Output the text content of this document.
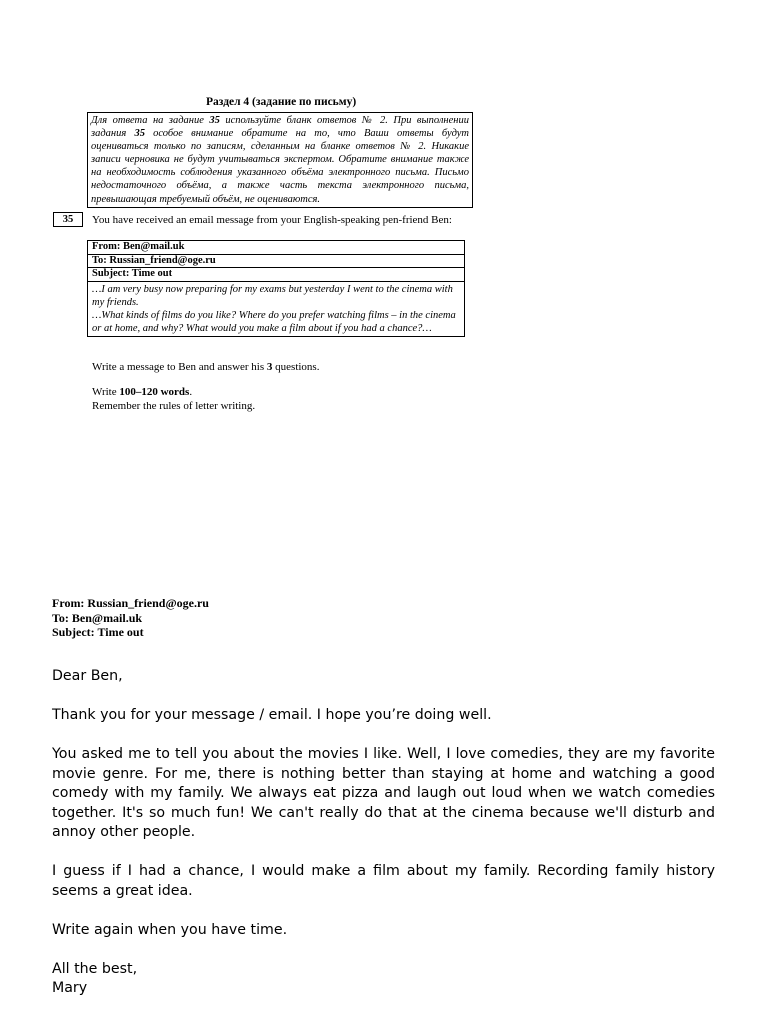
Раздел 4 (задание по письму)
Для ответа на задание 35 используйте бланк ответов № 2. При выполнении задания 35 особое внимание обратите на то, что Ваши ответы будут оцениваться только по записям, сделанным на бланке ответов № 2. Никакие записи черновика не будут учитываться экспертом. Обратите внимание также на необходимость соблюдения указанного объёма электронного письма. Письмо недостаточного объёма, а также часть текста электронного письма, превышающая требуемый объём, не оцениваются.
35	You have received an email message from your English-speaking pen-friend Ben:
From: Ben@mail.uk
To: Russian_friend@oge.ru
Subject: Time out

…I am very busy now preparing for my exams but yesterday I went to the cinema with my friends.
…What kinds of films do you like? Where do you prefer watching films – in the cinema or at home, and why? What would you make a film about if you had a chance?…
Write a message to Ben and answer his 3 questions.
Write 100–120 words.
Remember the rules of letter writing.
From: Russian_friend@oge.ru
To: Ben@mail.uk
Subject: Time out

Dear Ben,

Thank you for your message / email. I hope you’re doing well.

You asked me to tell you about the movies I like. Well, I love comedies, they are my favorite movie genre. For me, there is nothing better than staying at home and watching a good comedy with my family. We always eat pizza and laugh out loud when we watch comedies together. It's so much fun! We can't really do that at the cinema because we'll disturb and annoy other people.

I guess if I had a chance, I would make a film about my family. Recording family history seems a great idea.

Write again when you have time.

All the best,

Mary
